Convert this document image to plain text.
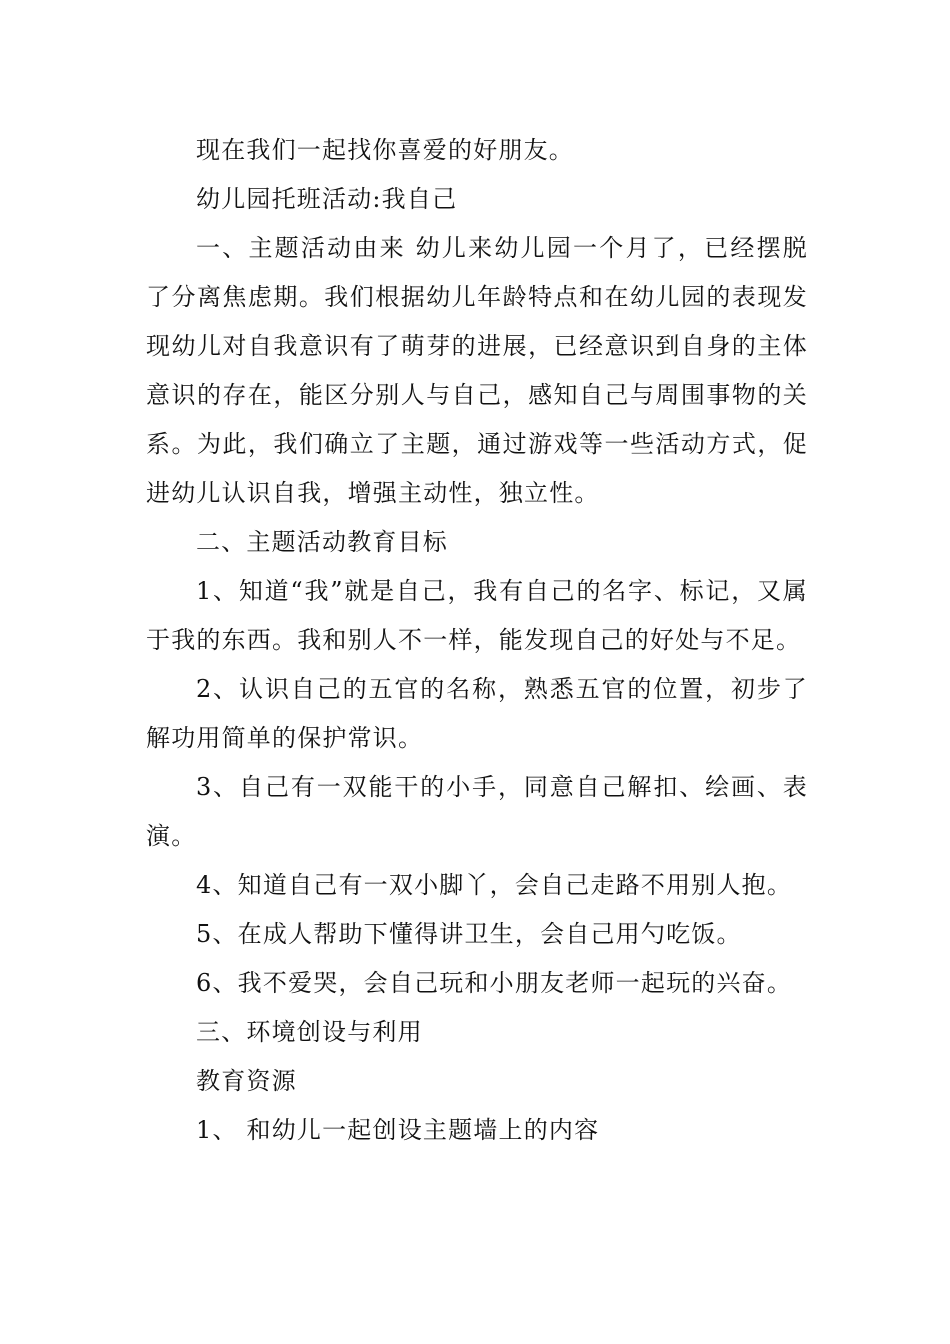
现在我们一起找你喜爱的好朋友。

幼儿园托班活动:我自己

一、主题活动由来 幼儿来幼儿园一个月了，已经摆脱了分离焦虑期。我们根据幼儿年龄特点和在幼儿园的表现发现幼儿对自我意识有了萌芽的进展，已经意识到自身的主体意识的存在，能区分别人与自己，感知自己与周围事物的关系。为此，我们确立了主题，通过游戏等一些活动方式，促进幼儿认识自我，增强主动性，独立性。

二、主题活动教育目标

1、知道“我”就是自己，我有自己的名字、标记，又属于我的东西。我和别人不一样，能发现自己的好处与不足。

2、认识自己的五官的名称，熟悉五官的位置，初步了解功用简单的保护常识。

3、自己有一双能干的小手，同意自己解扣、绘画、表演。

4、知道自己有一双小脚丫，会自己走路不用别人抱。

5、在成人帮助下懂得讲卫生，会自己用勺吃饭。

6、我不爱哭，会自己玩和小朋友老师一起玩的兴奋。

三、环境创设与利用

教育资源

1、 和幼儿一起创设主题墙上的内容
